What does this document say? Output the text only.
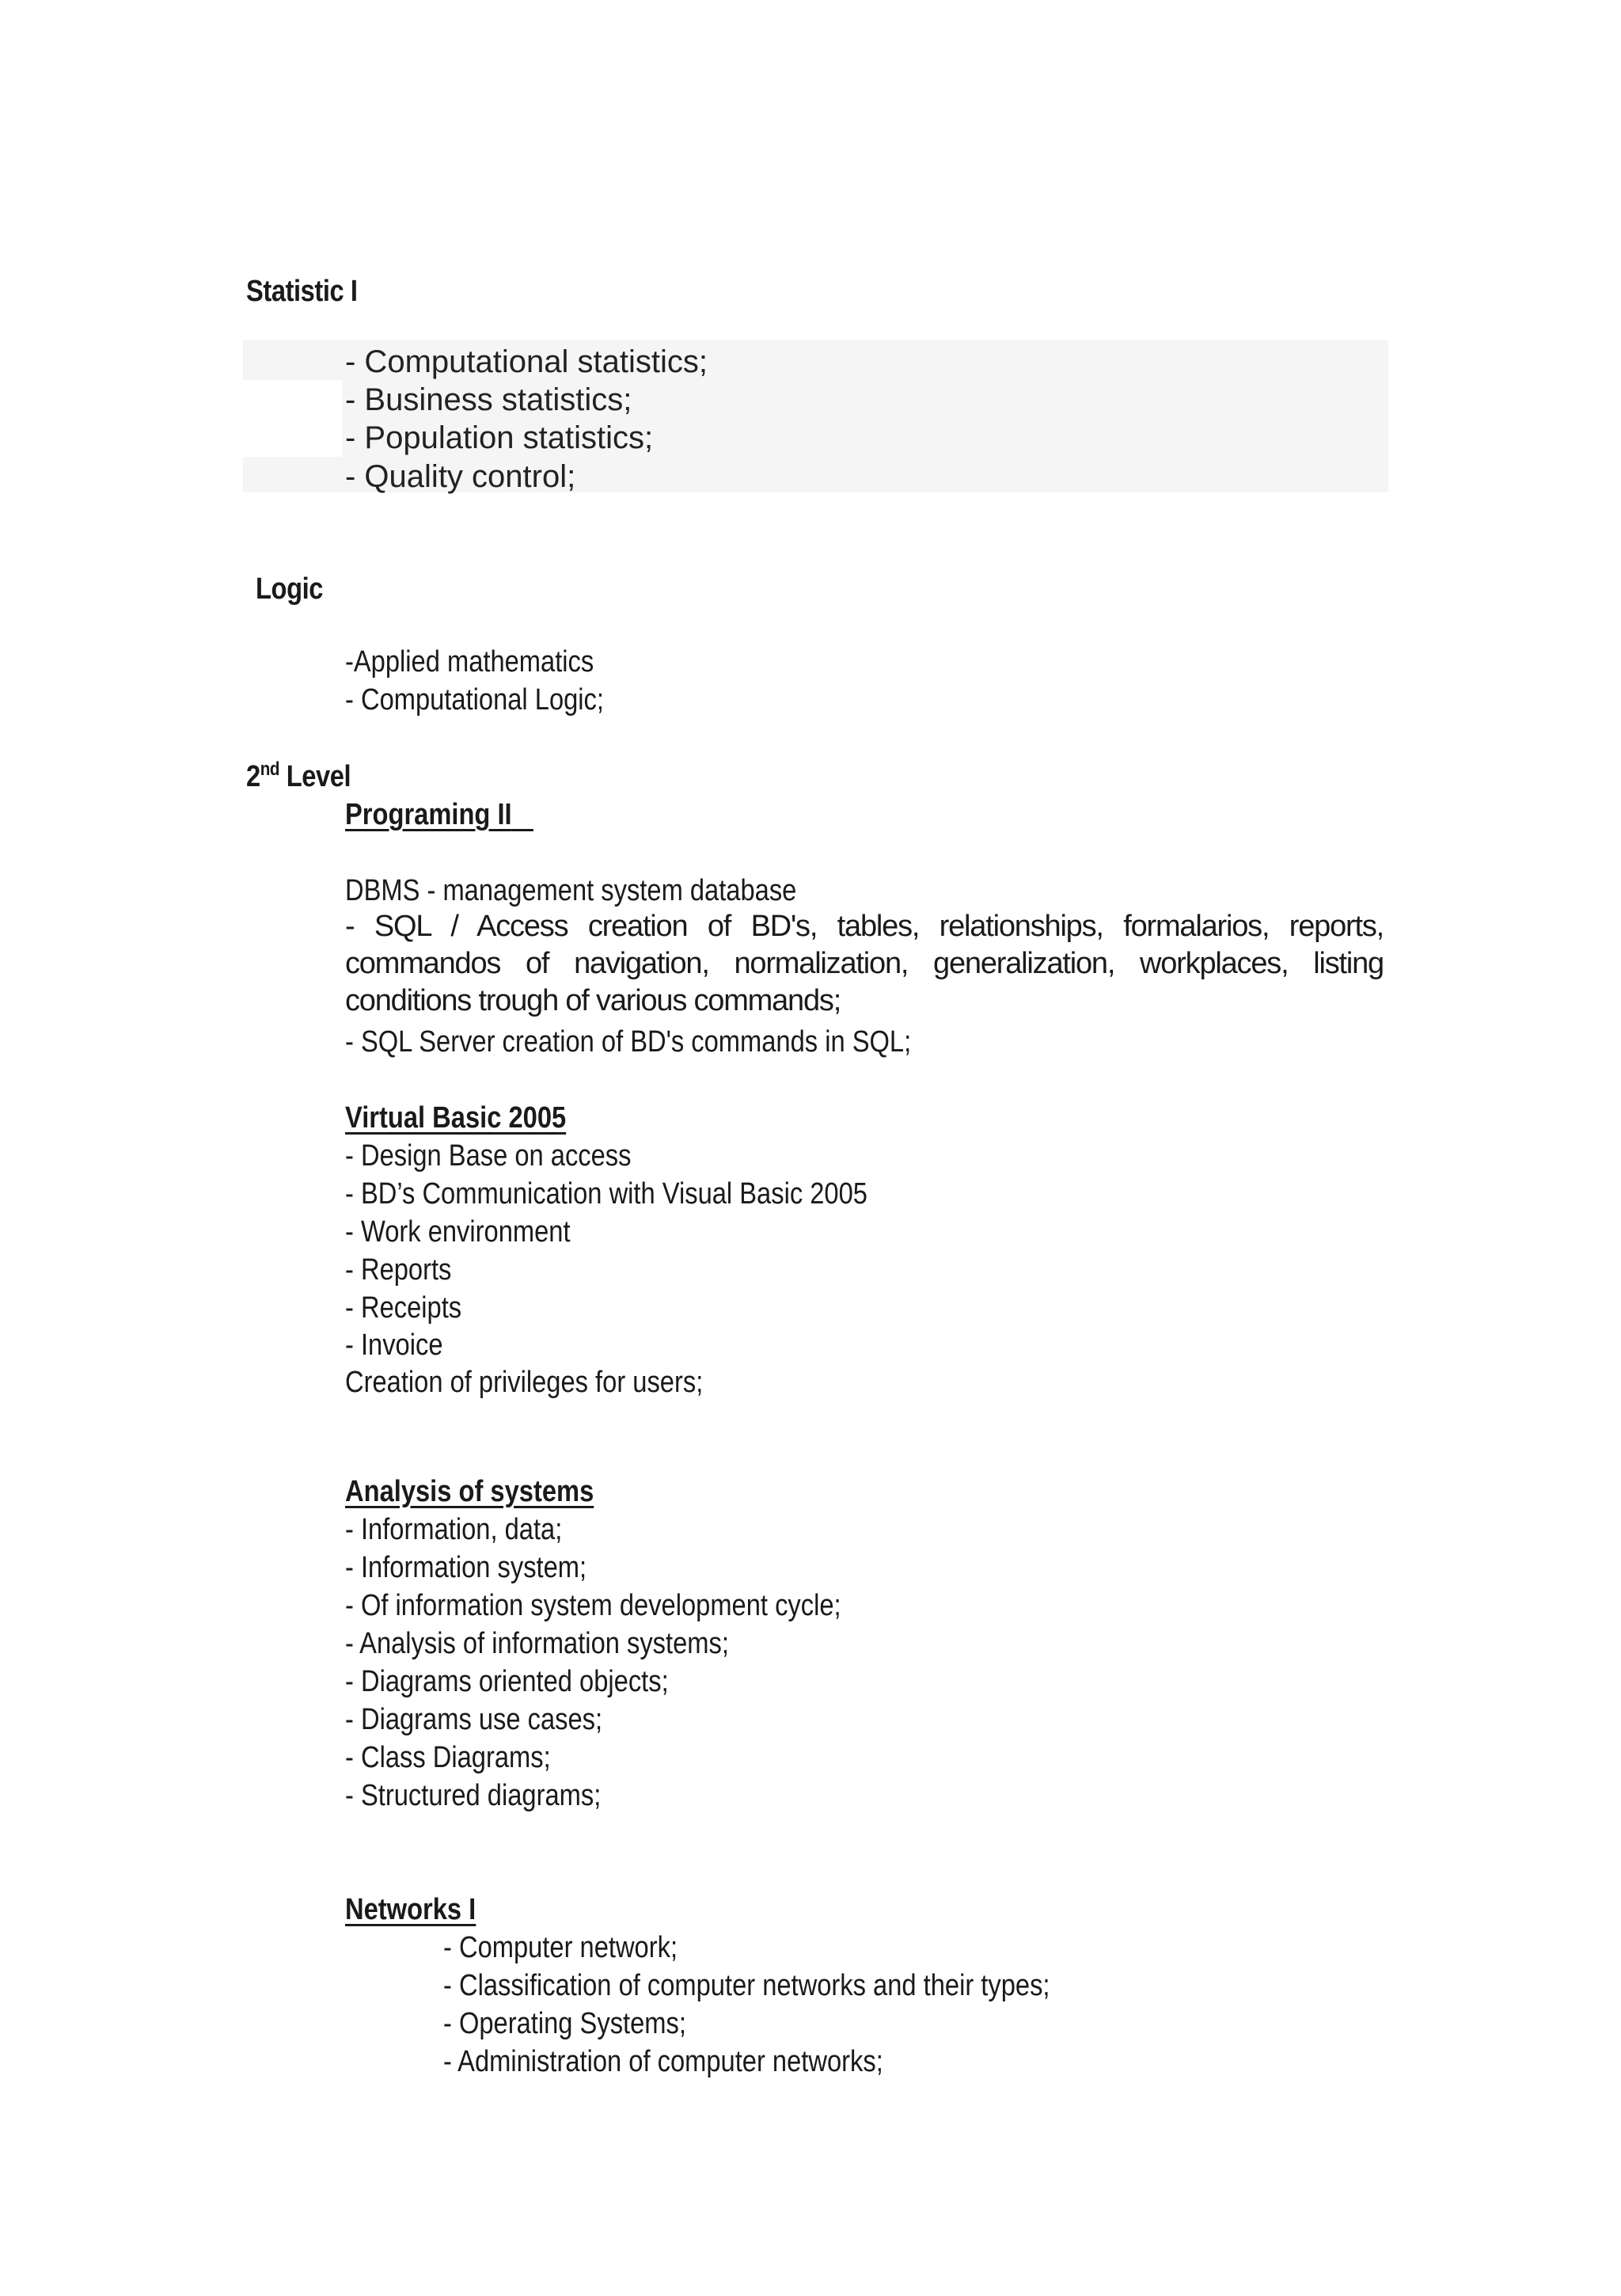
Statistic I
- Computational statistics;
- Business statistics;
- Population statistics;
- Quality control;
Logic
-Applied mathematics
- Computational Logic;
2nd Level
Programing II
DBMS - management system database
- SQL / Access creation of BD's, tables, relationships, formalarios, reports, commandos of navigation, normalization, generalization, workplaces, listing conditions trough of various commands;
- SQL Server creation of BD's commands in SQL;
Virtual Basic 2005
- Design Base on access
- BD’s Communication with Visual Basic 2005
- Work environment
- Reports
- Receipts
- Invoice
Creation of privileges for users;
Analysis of systems
- Information, data;
- Information system;
- Of information system development cycle;
- Analysis of information systems;
- Diagrams oriented objects;
- Diagrams use cases;
- Class Diagrams;
- Structured diagrams;
Networks I
- Computer network;
- Classification of computer networks and their types;
- Operating Systems;
- Administration of computer networks;
